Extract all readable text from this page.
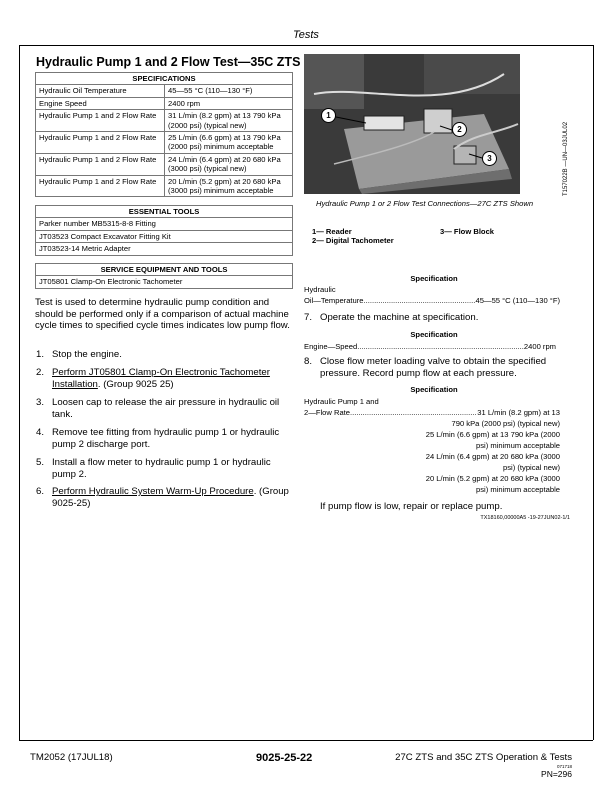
Tests
Hydraulic Pump 1 and 2 Flow Test—35C ZTS
SPECIFICATIONS	
Hydraulic Oil Temperature	45—55 °C (110—130 °F)
Engine Speed	2400 rpm
Hydraulic Pump 1 and 2 Flow Rate	31 L/min (8.2 gpm) at 13 790 kPa (2000 psi) (typical new)
Hydraulic Pump 1 and 2 Flow Rate	25 L/min (6.6 gpm) at 13 790 kPa (2000 psi) minimum acceptable
Hydraulic Pump 1 and 2 Flow Rate	24 L/min (6.4 gpm) at 20 680 kPa (3000 psi) (typical new)
Hydraulic Pump 1 and 2 Flow Rate	20 L/min (5.2 gpm) at 20 680 kPa (3000 psi) minimum acceptable
ESSENTIAL TOOLS
Parker number MB5315-8-8 Fitting
JT03523 Compact Excavator Fitting Kit
JT03523-14 Metric Adapter
SERVICE EQUIPMENT AND TOOLS
JT05801 Clamp-On Electronic Tachometer
Test is used to determine hydraulic pump condition and should be performed only if a comparison of actual machine cycle times to specified cycle times indicates low pump flow.
1. Stop the engine.
2. Perform JT05801 Clamp-On Electronic Tachometer Installation. (Group 9025 25)
3. Loosen cap to release the air pressure in hydraulic oil tank.
4. Remove tee fitting from hydraulic pump 1 or hydraulic pump 2 discharge port.
5. Install a flow meter to hydraulic pump 1 or hydraulic pump 2.
6. Perform Hydraulic System Warm-Up Procedure. (Group 9025-25)
1
2
3	T157022B —UN—03JUL02
Hydraulic Pump 1 or 2 Flow Test Connections—27C ZTS Shown
1— Reader
2— Digital Tachometer
3— Flow Block
Specification
Hydraulic
Oil—Temperature .....	45—55 °C (110—130 °F)
7. Operate the machine at specification.
Specification
Engine—Speed .....	2400 rpm
8. Close flow meter loading valve to obtain the specified pressure. Record pump flow at each pressure.
Specification
Hydraulic Pump 1 and
2—Flow Rate .....	31 L/min (8.2 gpm) at 13
790 kPa (2000 psi) (typical new)
25 L/min (6.6 gpm) at 13 790 kPa (2000
psi) minimum acceptable
24 L/min (6.4 gpm) at 20 680 kPa (3000
psi) (typical new)
20 L/min (5.2 gpm) at 20 680 kPa (3000
psi) minimum acceptable
If pump flow is low, repair or replace pump.
TX18160,00000A5 -19-27JUN02-1/1
TM2052 (17JUL18)	9025-25-22	27C ZTS and 35C ZTS Operation & Tests
071718
PN=296
